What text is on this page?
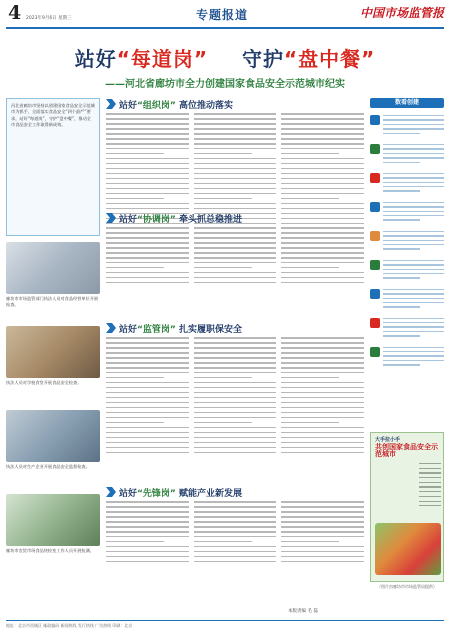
4 2023年9月6日 星期三	专题报道	中国市场监管报
站好“每道岗” 守护“盘中餐”
——河北省廊坊市全力创建国家食品安全示范城市纪实
河北省廊坊市坚持以创建国家食品安全示范城市为抓手，全面落实食品安全“四个最严”要求，站好“每道岗”，守护“盘中餐”，推动全市食品安全工作取得新成效。
廊坊市市场监管部门执法人员对食品经营单位开展检查。
执法人员对学校食堂开展食品安全检查。
执法人员对生产企业开展食品安全监督检查。
廊坊市农贸市场食品快检室工作人员开展检测。
站好“组织岗” 高位推动落实
站好“协调岗” 牵头抓总稳推进
站好“监管岗” 扎实履职保安全
站好“先锋岗” 赋能产业新发展
数看创建
大手拉小手
共创国家食品安全示范城市
（图片由廊坊市市场监管局提供）
本版责编 毛 磊
地址：北京市西城区 邮政编码 新闻热线 发行热线 广告热线 印刷：北京
